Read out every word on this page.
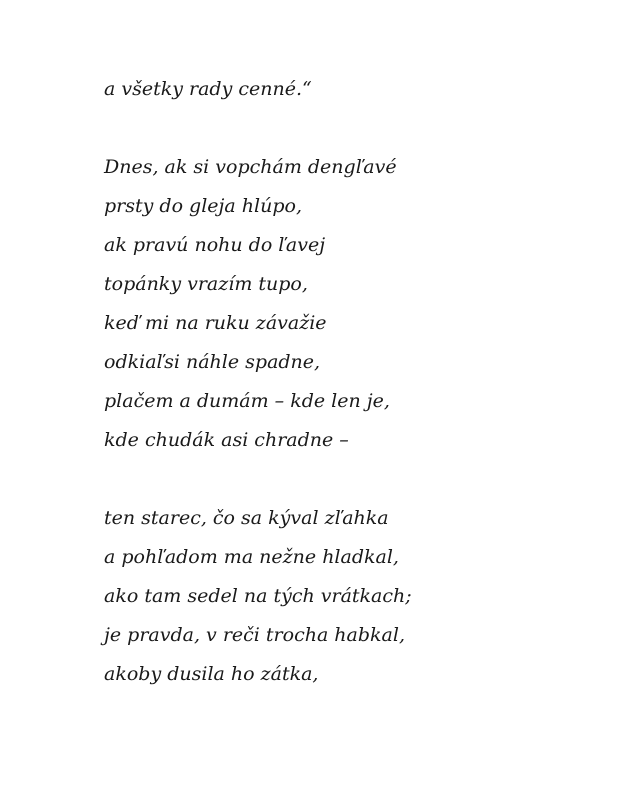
a všetky rady cenné.“
Dnes, ak si vopchám dengľavé
prsty do gleja hlúpo,
ak pravú nohu do ľavej
topánky vrazím tupo,
keď mi na ruku závažie
odkiaľsi náhle spadne,
plačem a dumám – kde len je,
kde chudák asi chradne –
ten starec, čo sa kýval zľahka
a pohľadom ma nežne hladkal,
ako tam sedel na tých vrátkach;
je pravda, v reči trocha habkal,
akoby dusila ho zátka,
